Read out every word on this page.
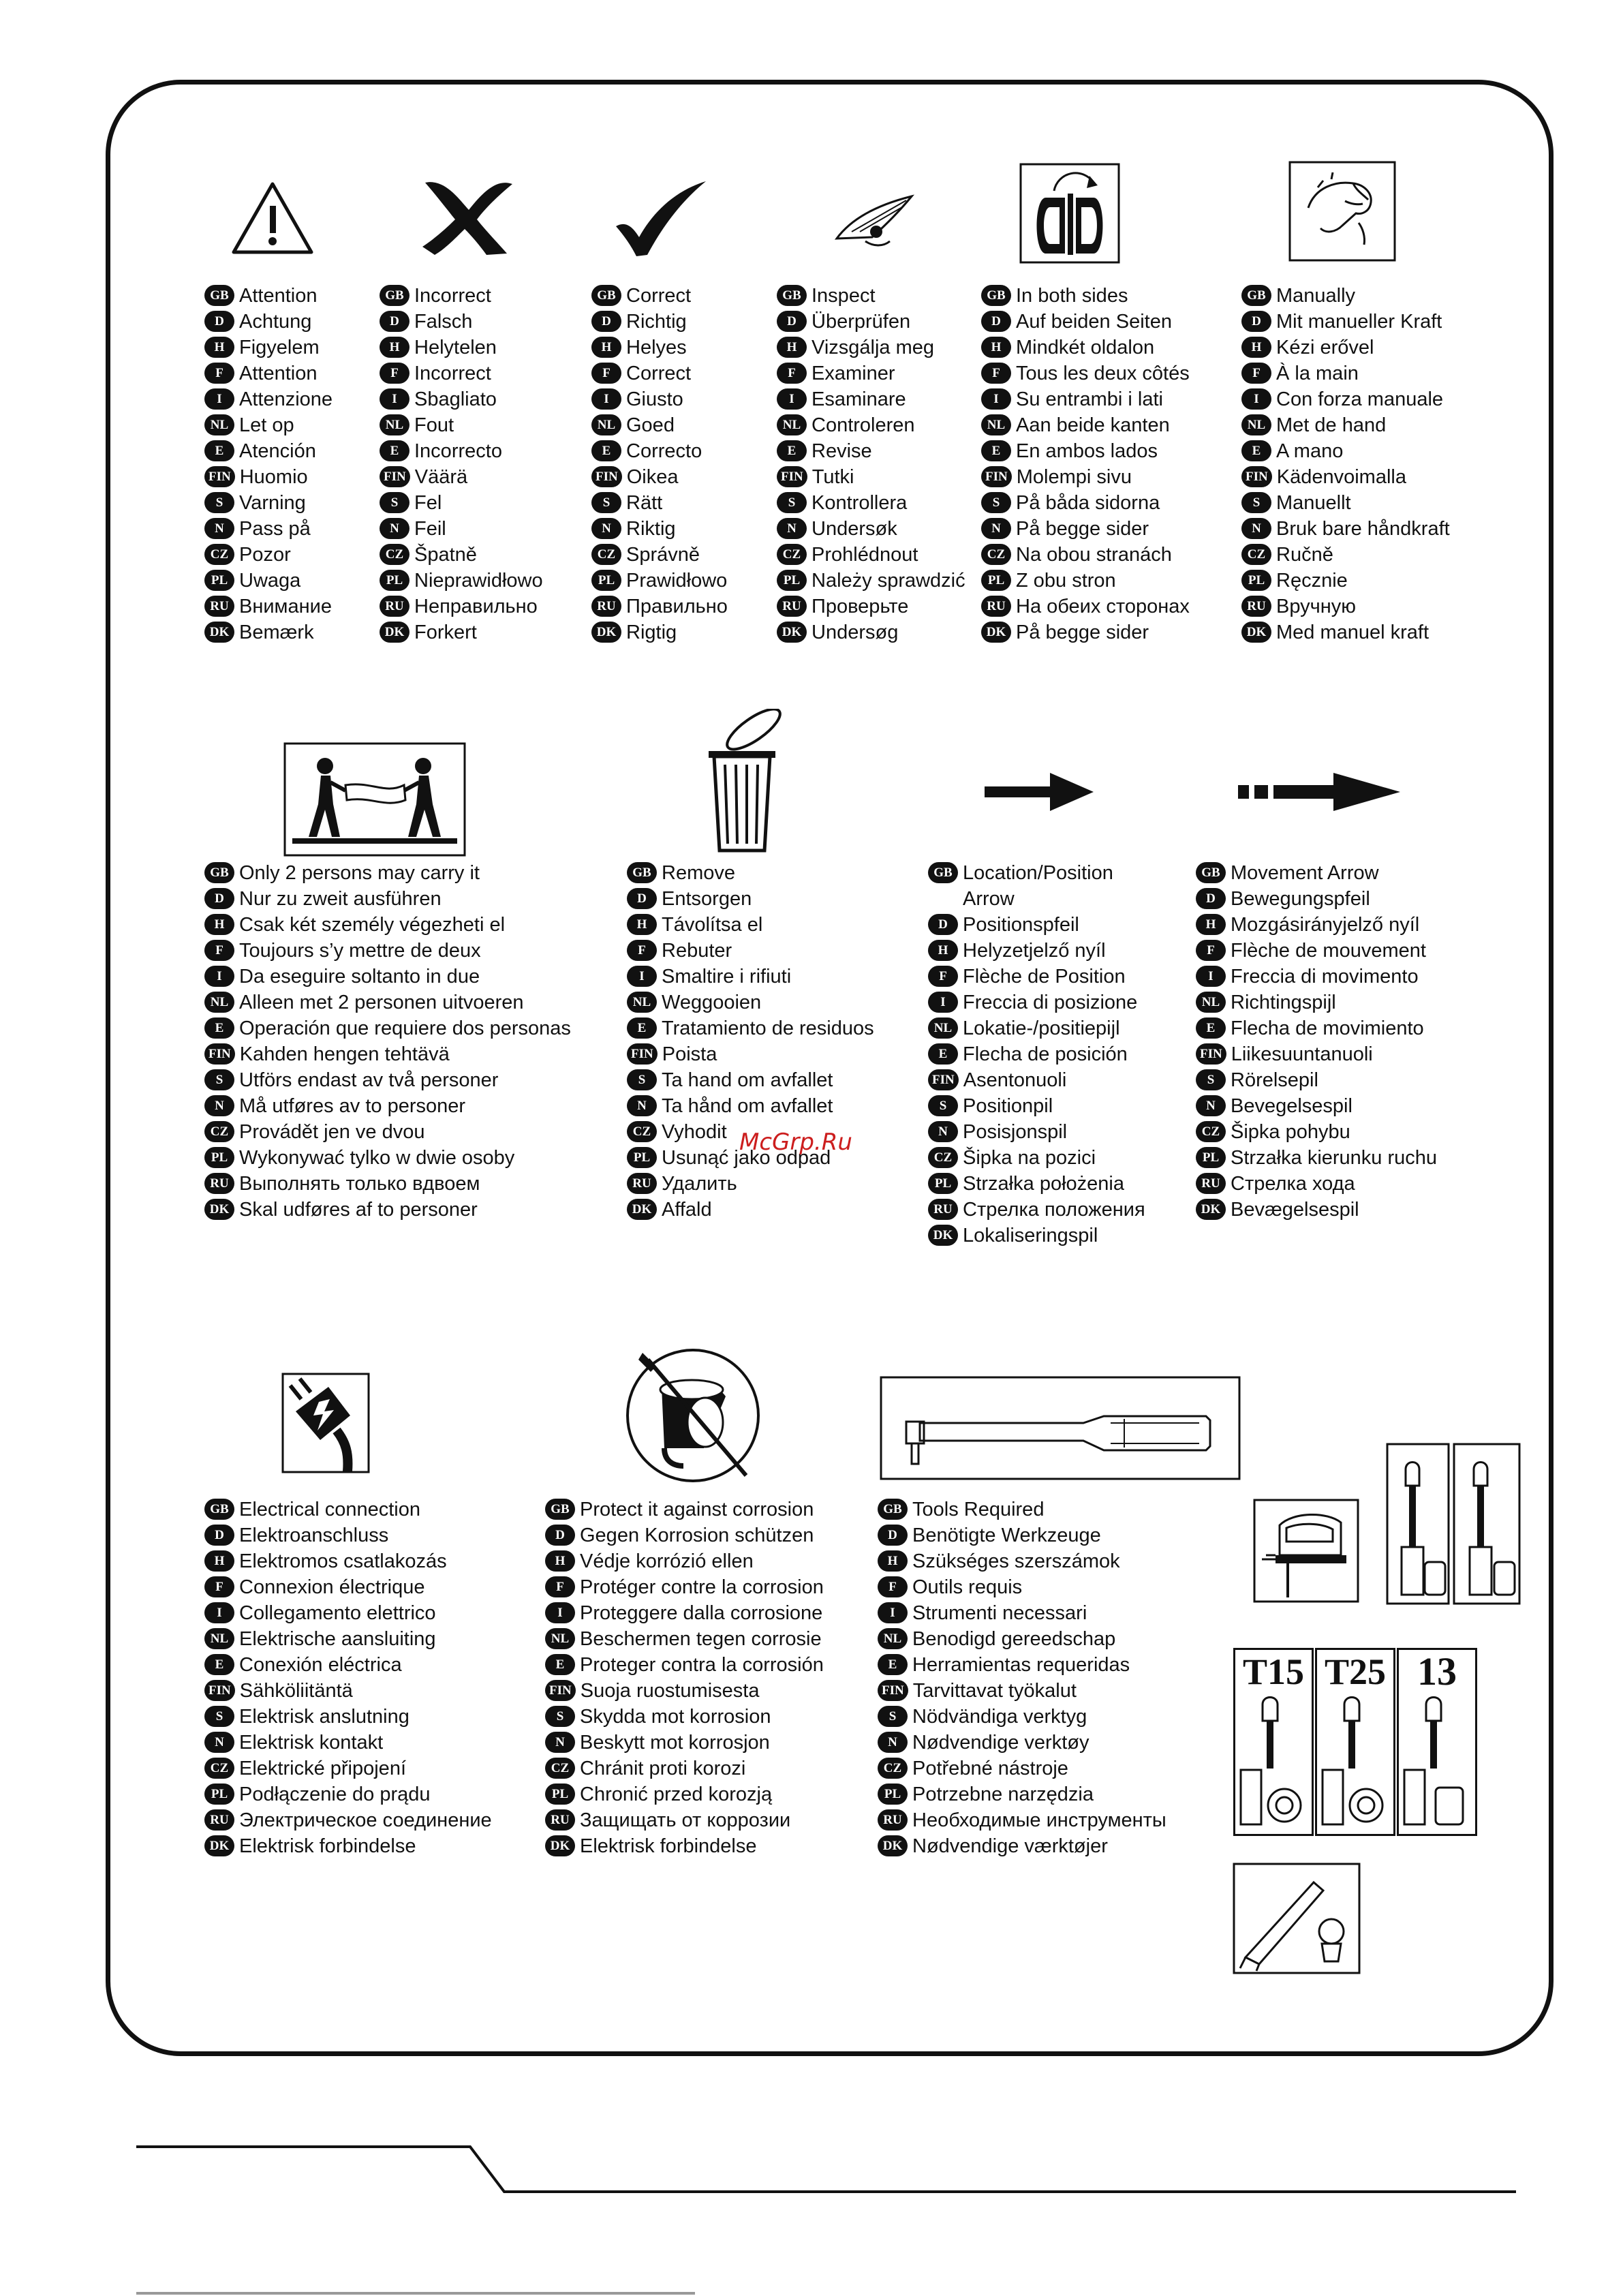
T15 T25 13
GB Attention
D Achtung
H Figyelem
F Attention
I Attenzione
NL Let op
E Atención
FIN Huomio
S Varning
N Pass på
CZ Pozor
PL Uwaga
RU Внимание
DK Bemærk
GB Incorrect
D Falsch
H Helytelen
F Incorrect
I Sbagliato
NL Fout
E Incorrecto
FIN Väärä
S Fel
N Feil
CZ Špatně
PL Nieprawidłowo
RU Неправильно
DK Forkert
GB Correct
D Richtig
H Helyes
F Correct
I Giusto
NL Goed
E Correcto
FIN Oikea
S Rätt
N Riktig
CZ Správně
PL Prawidłowo
RU Правильно
DK Rigtig
GB Inspect
D Überprüfen
H Vizsgálja meg
F Examiner
I Esaminare
NL Controleren
E Revise
FIN Tutki
S Kontrollera
N Undersøk
CZ Prohlédnout
PL Należy sprawdzić
RU Проверьте
DK Undersøg
GB In both sides
D Auf beiden Seiten
H Mindkét oldalon
F Tous les deux côtés
I Su entrambi i lati
NL Aan beide kanten
E En ambos lados
FIN Molempi sivu
S På båda sidorna
N På begge sider
CZ Na obou stranách
PL Z obu stron
RU На обеих сторонах
DK På begge sider
GB Manually
D Mit manueller Kraft
H Kézi erővel
F À la main
I Con forza manuale
NL Met de hand
E A mano
FIN Kädenvoimalla
S Manuellt
N Bruk bare håndkraft
CZ Ručně
PL Ręcznie
RU Вручную
DK Med manuel kraft
GB Only 2 persons may carry it
D Nur zu zweit ausführen
H Csak két személy végezheti el
F Toujours s’y mettre de deux
I Da eseguire soltanto in due
NL Alleen met 2 personen uitvoeren
E Operación que requiere dos personas
FIN Kahden hengen tehtävä
S Utförs endast av två personer
N Må utføres av to personer
CZ Provádět jen ve dvou
PL Wykonywać tylko w dwie osoby
RU Выполнять только вдвоем
DK Skal udføres af to personer
GB Remove
D Entsorgen
H Távolítsa el
F Rebuter
I Smaltire i rifiuti
NL Weggooien
E Tratamiento de residuos
FIN Poista
S Ta hand om avfallet
N Ta hånd om avfallet
CZ Vyhodit
PL Usunąć jako odpad
RU Удалить
DK Affald
GB Location/Position
Arrow
D Positionspfeil
H Helyzetjelző nyíl
F Flèche de Position
I Freccia di posizione
NL Lokatie-/positiepijl
E Flecha de posición
FIN Asentonuoli
S Positionpil
N Posisjonspil
CZ Šipka na pozici
PL Strzałka położenia
RU Стрелка положения
DK Lokaliseringspil
GB Movement Arrow
D Bewegungspfeil
H Mozgásirányjelző nyíl
F Flèche de mouvement
I Freccia di movimento
NL Richtingspijl
E Flecha de movimiento
FIN Liikesuuntanuoli
S Rörelsepil
N Bevegelsespil
CZ Šipka pohybu
PL Strzałka kierunku ruchu
RU Стрелка хода
DK Bevægelsespil
GB Electrical connection
D Elektroanschluss
H Elektromos csatlakozás
F Connexion électrique
I Collegamento elettrico
NL Elektrische aansluiting
E Conexión eléctrica
FIN Sähköliitäntä
S Elektrisk anslutning
N Elektrisk kontakt
CZ Elektrické připojení
PL Podłączenie do prądu
RU Электрическое соединение
DK Elektrisk forbindelse
GB Protect it against corrosion
D Gegen Korrosion schützen
H Védje korrózió ellen
F Protéger contre la corrosion
I Proteggere dalla corrosione
NL Beschermen tegen corrosie
E Proteger contra la corrosión
FIN Suoja ruostumisesta
S Skydda mot korrosion
N Beskytt mot korrosjon
CZ Chránit proti korozi
PL Chronić przed korozją
RU Защищать от коррозии
DK Elektrisk forbindelse
GB Tools Required
D Benötigte Werkzeuge
H Szükséges szerszámok
F Outils requis
I Strumenti necessari
NL Benodigd gereedschap
E Herramientas requeridas
FIN Tarvittavat työkalut
S Nödvändiga verktyg
N Nødvendige verktøy
CZ Potřebné nástroje
PL Potrzebne narzędzia
RU Необходимые инструменты
DK Nødvendige værktøjer
McGrp.Ru
